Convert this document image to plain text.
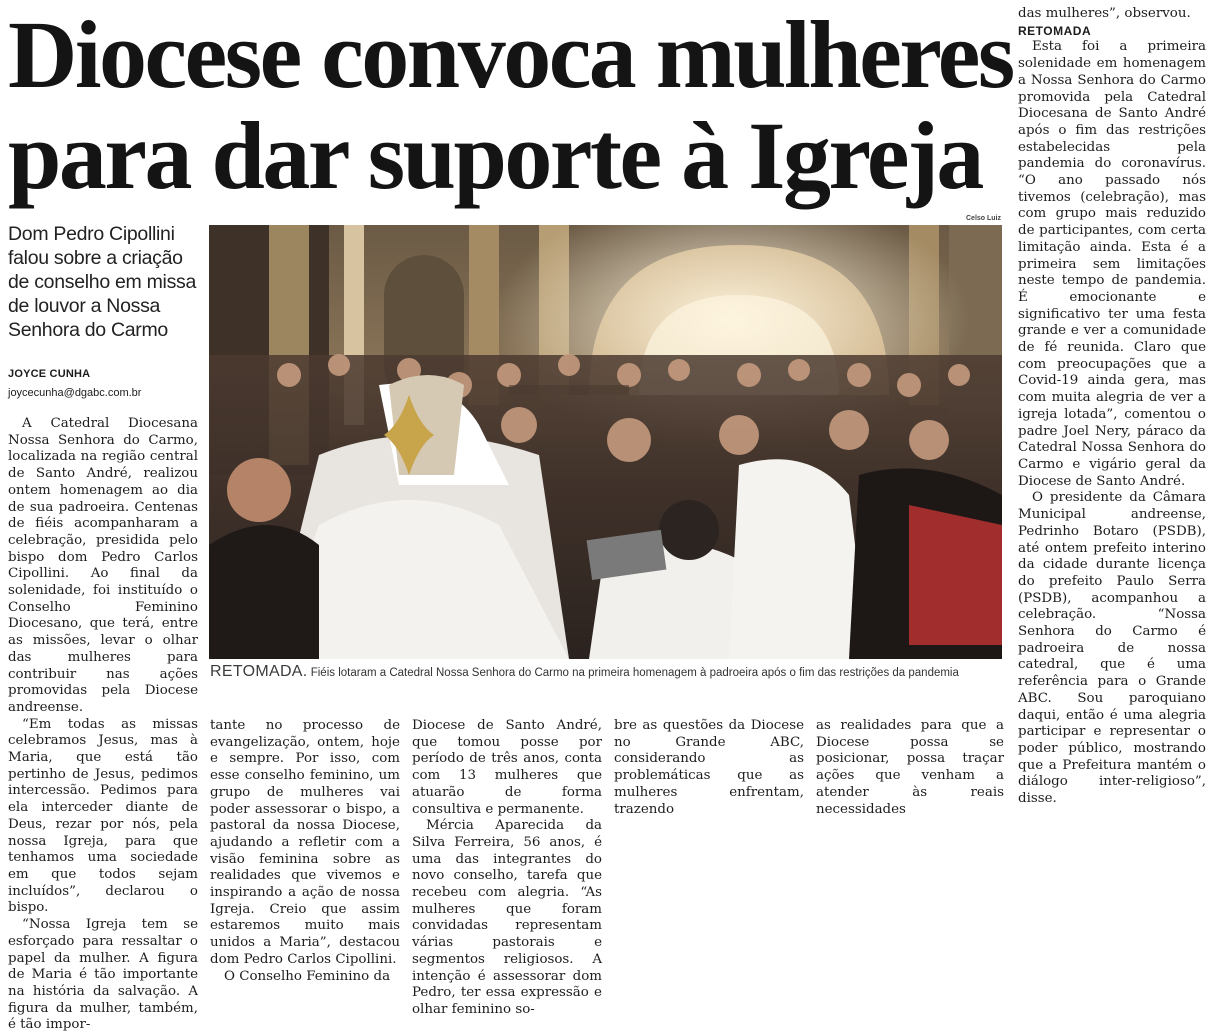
Diocese convoca mulheres
para dar suporte à Igreja
Dom Pedro Cipollini falou sobre a criação de conselho em missa de louvor a Nossa Senhora do Carmo
JOYCE CUNHA
joycecunha@dgabc.com.br
Celso Luiz
RETOMADA. Fiéis lotaram a Catedral Nossa Senhora do Carmo na primeira homenagem à padroeira após o fim das restrições da pandemia

A Catedral Diocesana Nossa Senhora do Carmo, localizada na região central de Santo André, realizou ontem homenagem ao dia de sua padroeira. Centenas de fiéis acompanharam a celebração, presidida pelo bispo dom Pedro Carlos Cipollini. Ao final da solenidade, foi instituído o Conselho Feminino Diocesano, que terá, entre as missões, levar o olhar das mulheres para contribuir nas ações promovidas pela Diocese andreense.

“Em todas as missas celebramos Jesus, mas à Maria, que está tão pertinho de Jesus, pedimos intercessão. Pedimos para ela interceder diante de Deus, rezar por nós, pela nossa Igreja, para que tenhamos uma sociedade em que todos sejam incluídos”, declarou o bispo.

“Nossa Igreja tem se esforçado para ressaltar o papel da mulher. A figura de Maria é tão importante na história da salvação. A figura da mulher, também, é tão impor-

tante no processo de evangelização, ontem, hoje e sempre. Por isso, com esse conselho feminino, um grupo de mulheres vai poder assessorar o bispo, a pastoral da nossa Diocese, ajudando a refletir com a visão feminina sobre as realidades que vivemos e inspirando a ação de nossa Igreja. Creio que assim estaremos muito mais unidos a Maria”, destacou dom Pedro Carlos Cipollini.

O Conselho Feminino da

Diocese de Santo André, que tomou posse por período de três anos, conta com 13 mulheres que atuarão de forma consultiva e permanente.

Mércia Aparecida da Silva Ferreira, 56 anos, é uma das integrantes do novo conselho, tarefa que recebeu com alegria. “As mulheres que foram convidadas representam várias pastorais e segmentos religiosos. A intenção é assessorar dom Pedro, ter essa expressão e olhar feminino so-

bre as questões da Diocese no Grande ABC, considerando as problemáticas que as mulheres enfrentam, trazendo

as realidades para que a Diocese possa se posicionar, possa traçar ações que venham a atender às reais necessidades

das mulheres”, observou.

RETOMADA

Esta foi a primeira solenidade em homenagem a Nossa Senhora do Carmo promovida pela Catedral Diocesana de Santo André após o fim das restrições estabelecidas pela pandemia do coronavírus. “O ano passado nós tivemos (celebração), mas com grupo mais reduzido de participantes, com certa limitação ainda. Esta é a primeira sem limitações neste tempo de pandemia. É emocionante e significativo ter uma festa grande e ver a comunidade de fé reunida. Claro que com preocupações que a Covid-19 ainda gera, mas com muita alegria de ver a igreja lotada”, comentou o padre Joel Nery, páraco da Catedral Nossa Senhora do Carmo e vigário geral da Diocese de Santo André.

O presidente da Câmara Municipal andreense, Pedrinho Botaro (PSDB), até ontem prefeito interino da cidade durante licença do prefeito Paulo Serra (PSDB), acompanhou a celebração. “Nossa Senhora do Carmo é padroeira de nossa catedral, que é uma referência para o Grande ABC. Sou paroquiano daqui, então é uma alegria participar e representar o poder público, mostrando que a Prefeitura mantém o diálogo inter-religioso”, disse.
